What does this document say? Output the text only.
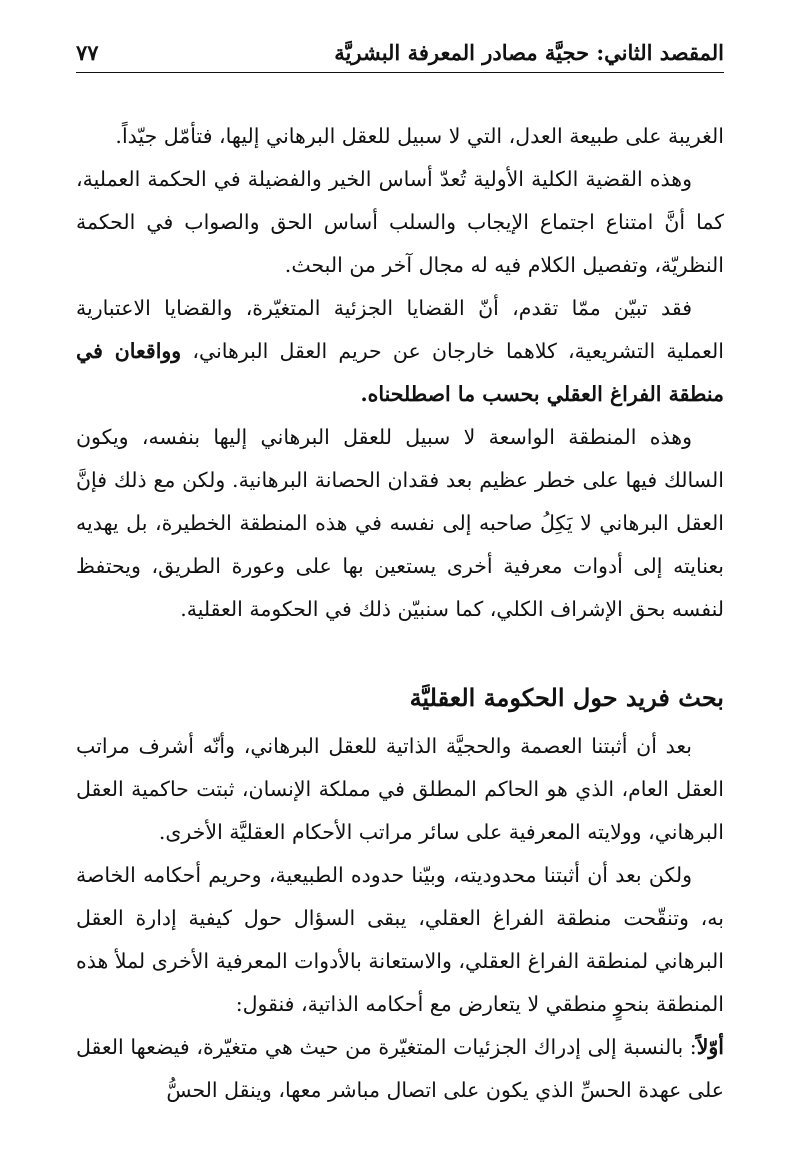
المقصد الثاني: حجيَّة مصادر المعرفة البشريَّة
٧٧

الغريبة على طبيعة العدل، التي لا سبيل للعقل البرهاني إليها، فتأمّل جيّداً.

وهذه القضية الكلية الأولية تُعدّ أساس الخير والفضيلة في الحكمة العملية، كما أنَّ امتناع اجتماع الإيجاب والسلب أساس الحق والصواب في الحكمة النظريّة، وتفصيل الكلام فيه له مجال آخر من البحث.

فقد تبيّن ممّا تقدم، أنّ القضايا الجزئية المتغيّرة، والقضايا الاعتبارية العملية التشريعية، كلاهما خارجان عن حريم العقل البرهاني، وواقعان في منطقة الفراغ العقلي بحسب ما اصطلحناه.

وهذه المنطقة الواسعة لا سبيل للعقل البرهاني إليها بنفسه، ويكون السالك فيها على خطر عظيم بعد فقدان الحصانة البرهانية. ولكن مع ذلك فإنَّ العقل البرهاني لا يَكِلُ صاحبه إلى نفسه في هذه المنطقة الخطيرة، بل يهديه بعنايته إلى أدوات معرفية أخرى يستعين بها على وعورة الطريق، ويحتفظ لنفسه بحق الإشراف الكلي، كما سنبيّن ذلك في الحكومة العقلية.

بحث فريد حول الحكومة العقليَّة

بعد أن أثبتنا العصمة والحجيَّة الذاتية للعقل البرهاني، وأنّه أشرف مراتب العقل العام، الذي هو الحاكم المطلق في مملكة الإنسان، ثبتت حاكمية العقل البرهاني، وولايته المعرفية على سائر مراتب الأحكام العقليَّة الأخرى.

ولكن بعد أن أثبتنا محدوديته، وبيّنا حدوده الطبيعية، وحريم أحكامه الخاصة به، وتنقّحت منطقة الفراغ العقلي، يبقى السؤال حول كيفية إدارة العقل البرهاني لمنطقة الفراغ العقلي، والاستعانة بالأدوات المعرفية الأخرى لملأ هذه المنطقة بنحوٍ منطقي لا يتعارض مع أحكامه الذاتية، فنقول:

أوّلاً: بالنسبة إلى إدراك الجزئيات المتغيّرة من حيث هي متغيّرة، فيضعها العقل على عهدة الحسِّ الذي يكون على اتصال مباشر معها، وينقل الحسُّ
